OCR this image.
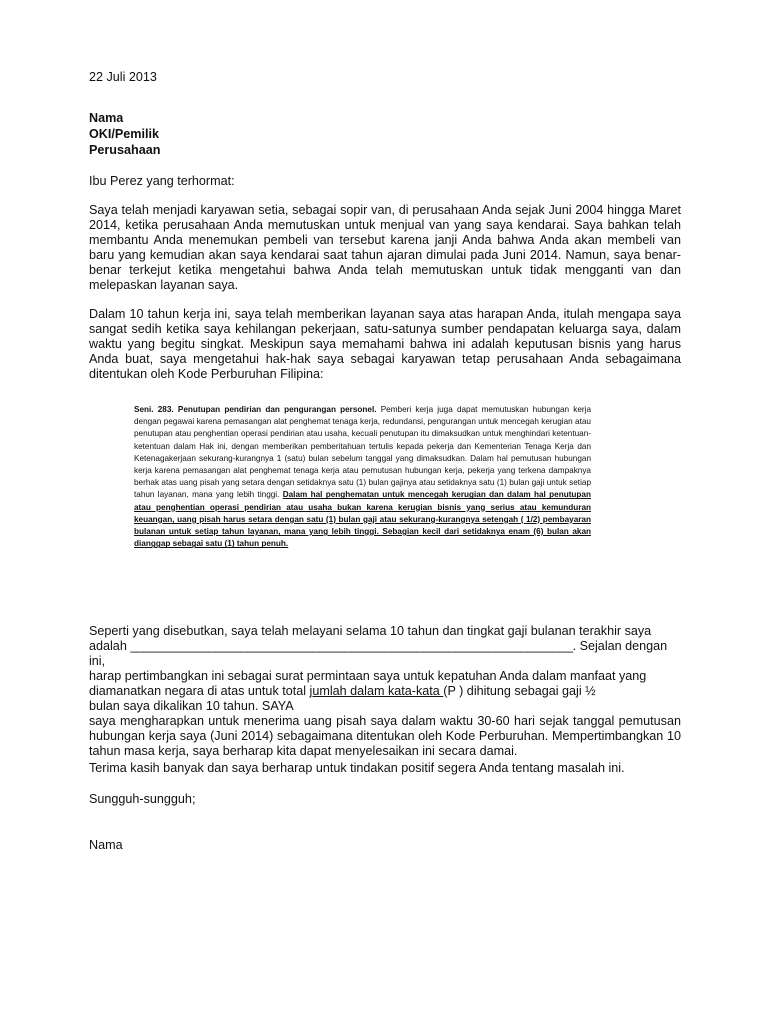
22 Juli 2013
Nama
OKI/Pemilik
Perusahaan
Ibu Perez yang terhormat:
Saya telah menjadi karyawan setia, sebagai sopir van, di perusahaan Anda sejak Juni 2004 hingga Maret 2014, ketika perusahaan Anda memutuskan untuk menjual van yang saya kendarai. Saya bahkan telah membantu Anda menemukan pembeli van tersebut karena janji Anda bahwa Anda akan membeli van baru yang kemudian akan saya kendarai saat tahun ajaran dimulai pada Juni 2014. Namun, saya benar-benar terkejut ketika mengetahui bahwa Anda telah memutuskan untuk tidak mengganti van dan melepaskan layanan saya.
Dalam 10 tahun kerja ini, saya telah memberikan layanan saya atas harapan Anda, itulah mengapa saya sangat sedih ketika saya kehilangan pekerjaan, satu-satunya sumber pendapatan keluarga saya, dalam waktu yang begitu singkat. Meskipun saya memahami bahwa ini adalah keputusan bisnis yang harus Anda buat, saya mengetahui hak-hak saya sebagai karyawan tetap perusahaan Anda sebagaimana ditentukan oleh Kode Perburuhan Filipina:
Seni. 283. Penutupan pendirian dan pengurangan personel. Pemberi kerja juga dapat memutuskan hubungan kerja dengan pegawai karena pemasangan alat penghemat tenaga kerja, redundansi, pengurangan untuk mencegah kerugian atau penutupan atau penghentian operasi pendirian atau usaha, kecuali penutupan itu dimaksudkan untuk menghindari ketentuan-ketentuan dalam Hak ini, dengan memberikan pemberitahuan tertulis kepada pekerja dan Kementerian Tenaga Kerja dan Ketenagakerjaan sekurang-kurangnya 1 (satu) bulan sebelum tanggal yang dimaksudkan. Dalam hal pemutusan hubungan kerja karena pemasangan alat penghemat tenaga kerja atau pemutusan hubungan kerja, pekerja yang terkena dampaknya berhak atas uang pisah yang setara dengan setidaknya satu (1) bulan gajinya atau setidaknya satu (1) bulan gaji untuk setiap tahun layanan, mana yang lebih tinggi. Dalam hal penghematan untuk mencegah kerugian dan dalam hal penutupan atau penghentian operasi pendirian atau usaha bukan karena kerugian bisnis yang serius atau kemunduran keuangan, uang pisah harus setara dengan satu (1) bulan gaji atau sekurang-kurangnya setengah ( 1/2) pembayaran bulanan untuk setiap tahun layanan, mana yang lebih tinggi. Sebagian kecil dari setidaknya enam (6) bulan akan dianggap sebagai satu (1) tahun penuh.
Seperti yang disebutkan, saya telah melayani selama 10 tahun dan tingkat gaji bulanan terakhir saya
adalah ____________________________________________________________________. Sejalan dengan
ini,
harap pertimbangkan ini sebagai surat permintaan saya untuk kepatuhan Anda dalam manfaat yang
diamanatkan negara di atas untuk total jumlah dalam kata-kata (P ) dihitung sebagai gaji ½
bulan saya dikalikan 10 tahun. SAYA
saya mengharapkan untuk menerima uang pisah saya dalam waktu 30-60 hari sejak tanggal pemutusan hubungan kerja saya (Juni 2014) sebagaimana ditentukan oleh Kode Perburuhan. Mempertimbangkan 10 tahun masa kerja, saya berharap kita dapat menyelesaikan ini secara damai.
Terima kasih banyak dan saya berharap untuk tindakan positif segera Anda tentang masalah ini.
Sungguh-sungguh;
Nama
